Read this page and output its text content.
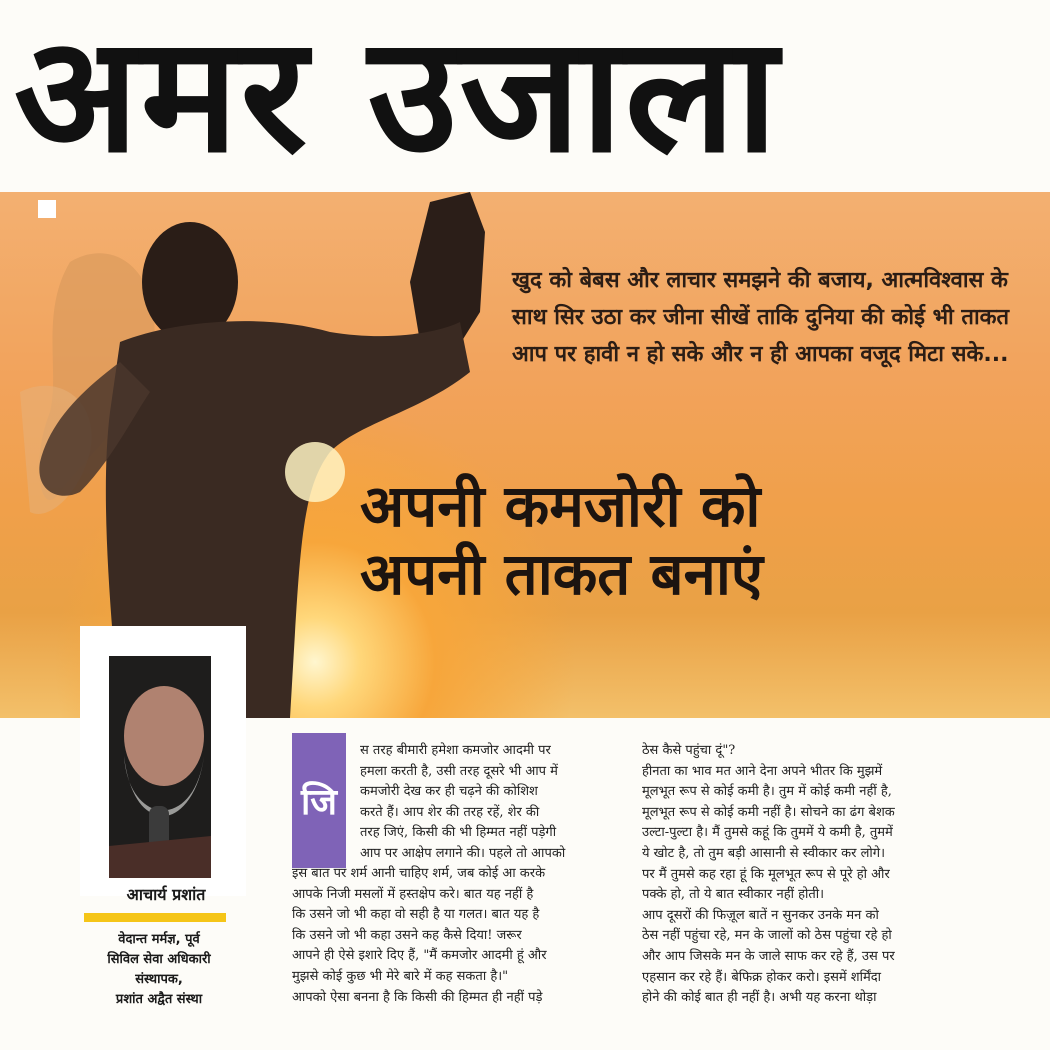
अमर उजाला

खुद को बेबस और लाचार समझने की बजाय, आत्मविश्वास के साथ सिर उठा कर जीना सीखें ताकि दुनिया की कोई भी ताकत आप पर हावी न हो सके और न ही आपका वजूद मिटा सके...

अपनी कमजोरी को
अपनी ताकत बनाएं

आचार्य प्रशांत

वेदान्त मर्मज्ञ, पूर्व
सिविल सेवा अधिकारी
संस्थापक,
प्रशांत अद्वैत संस्था
जि

स तरह बीमारी हमेशा कमजोर आदमी पर

हमला करती है, उसी तरह दूसरे भी आप में

कमजोरी देख कर ही चढ़ने की कोशिश

करते हैं। आप शेर की तरह रहें, शेर की

तरह जिएं, किसी की भी हिम्मत नहीं पड़ेगी

आप पर आक्षेप लगाने की। पहले तो आपको

इस बात पर शर्म आनी चाहिए शर्म, जब कोई आ करके

आपके निजी मसलों में हस्तक्षेप करे। बात यह नहीं है

कि उसने जो भी कहा वो सही है या गलत। बात यह है

कि उसने जो भी कहा उसने कह कैसे दिया! जरूर

आपने ही ऐसे इशारे दिए हैं, "मैं कमजोर आदमी हूं और

मुझसे कोई कुछ भी मेरे बारे में कह सकता है।"

आपको ऐसा बनना है कि किसी की हिम्मत ही नहीं पड़े

ठेस कैसे पहुंचा दूं"?

हीनता का भाव मत आने देना अपने भीतर कि मुझमें

मूलभूत रूप से कोई कमी है। तुम में कोई कमी नहीं है,

मूलभूत रूप से कोई कमी नहीं है। सोचने का ढंग बेशक

उल्टा-पुल्टा है। मैं तुमसे कहूं कि तुममें ये कमी है, तुममें

ये खोट है, तो तुम बड़ी आसानी से स्वीकार कर लोगे।

पर मैं तुमसे कह रहा हूं कि मूलभूत रूप से पूरे हो और

पक्के हो, तो ये बात स्वीकार नहीं होती।

आप दूसरों की फिज़ूल बातें न सुनकर उनके मन को

ठेस नहीं पहुंचा रहे, मन के जालों को ठेस पहुंचा रहे हो

और आप जिसके मन के जाले साफ कर रहे हैं, उस पर

एहसान कर रहे हैं। बेफिक्र होकर करो। इसमें शर्मिंदा

होने की कोई बात ही नहीं है। अभी यह करना थोड़ा
